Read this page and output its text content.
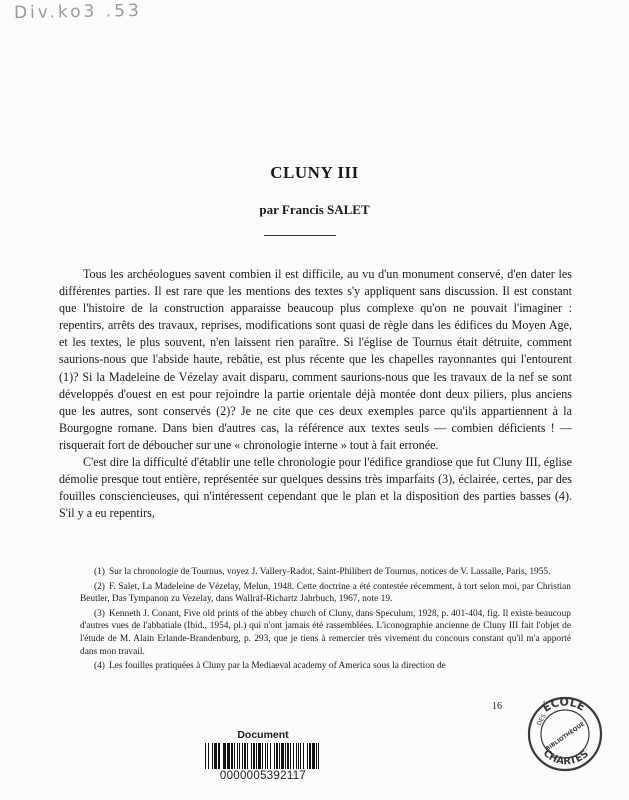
Div.ko3 .53

CLUNY III

par Francis SALET

Tous les archéologues savent combien il est difficile, au vu d'un monument conservé, d'en dater les différentes parties. Il est rare que les mentions des textes s'y appliquent sans discussion. Il est constant que l'histoire de la construction apparaisse beaucoup plus complexe qu'on ne pouvait l'imaginer : repentirs, arrêts des travaux, reprises, modifications sont quasi de règle dans les édifices du Moyen Age, et les textes, le plus souvent, n'en laissent rien paraître. Si l'église de Tournus était détruite, comment saurions-nous que l'abside haute, rebâtie, est plus récente que les chapelles rayonnantes qui l'entourent (1)? Si la Madeleine de Vézelay avait disparu, comment saurions-nous que les travaux de la nef se sont développés d'ouest en est pour rejoindre la partie orientale déjà montée dont deux piliers, plus anciens que les autres, sont conservés (2)? Je ne cite que ces deux exemples parce qu'ils appartiennent à la Bourgogne romane. Dans bien d'autres cas, la référence aux textes seuls — combien déficients ! — risquerait fort de déboucher sur une « chronologie interne » tout à fait erronée.

C'est dire la difficulté d'établir une telle chronologie pour l'édifice grandiose que fut Cluny III, église démolie presque tout entière, représentée sur quelques dessins très imparfaits (3), éclairée, certes, par des fouilles consciencieuses, qui n'intéressent cependant que le plan et la disposition des parties basses (4). S'il y a eu repentirs,

(1) Sur la chronologie de Tournus, voyez J. Vallery-Radot, Saint-Philibert de Tournus, notices de V. Lassalle, Paris, 1955.

(2) F. Salet, La Madeleine de Vézelay, Melun, 1948. Cette doctrine a été contestée récemment, à tort selon moi, par Christian Beutler, Das Tympanon zu Vezelay, dans Wallraf-Richartz Jahrbuch, 1967, note 19.

(3) Kenneth J. Conant, Five old prints of the abbey church of Cluny, dans Speculum, 1928, p. 401-404, fig. Il existe beaucoup d'autres vues de l'abbatiale (Ibid., 1954, pl.) qui n'ont jamais été rassemblées. L'iconographie ancienne de Cluny III fait l'objet de l'étude de M. Alain Erlande-Brandenburg, p. 293, que je tiens à remercier très vivement du concours constant qu'il m'a apporté dans mon travail.

(4) Les fouilles pratiquées à Cluny par la Mediaeval academy of America sous la direction de

16	ÉCOLE
CHARTES
DES
BIBLIOTHÈQUE
Document
0000005392117
